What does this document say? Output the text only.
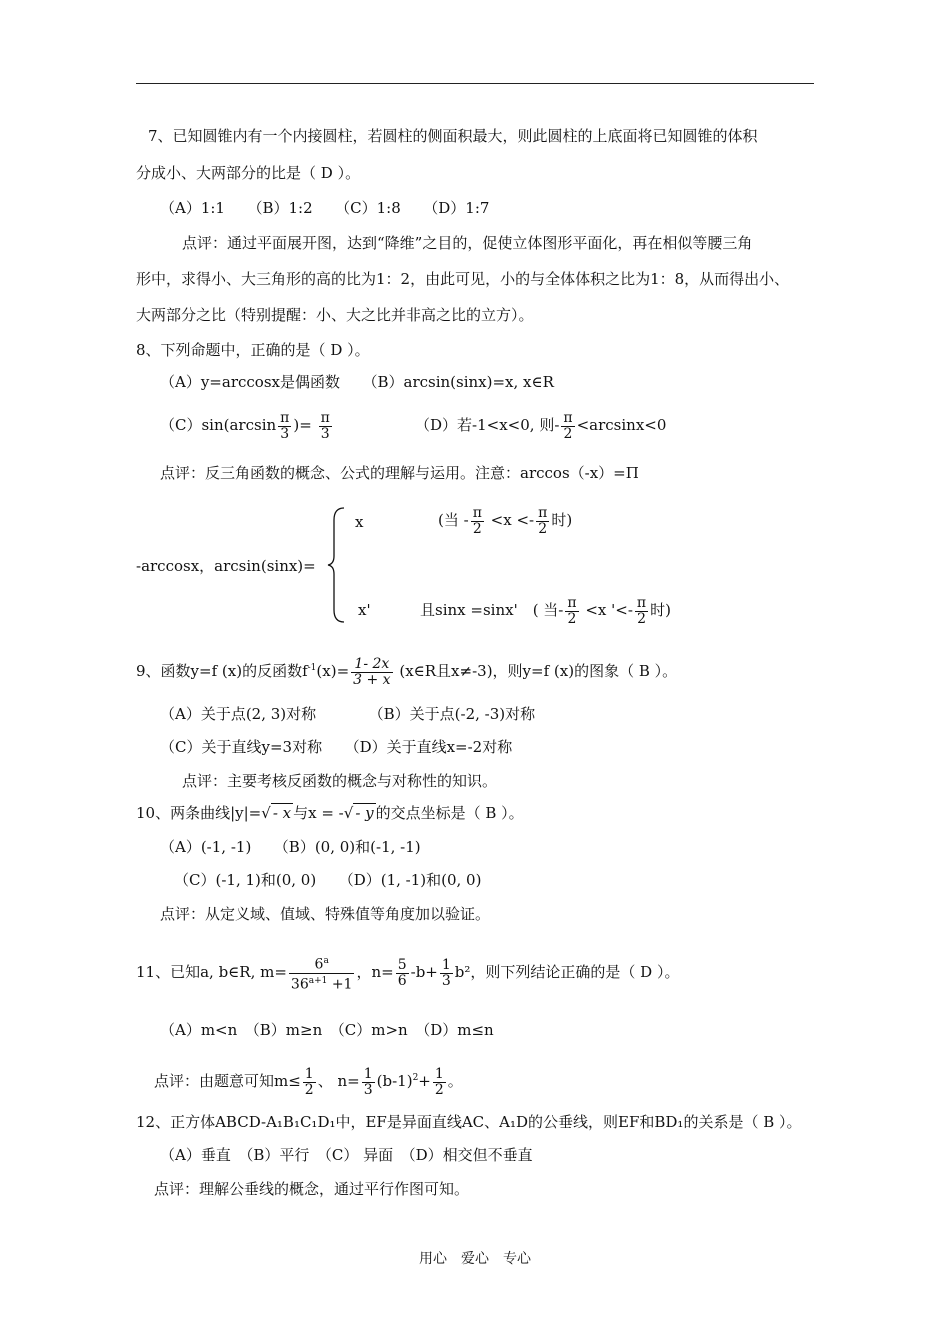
7、已知圆锥内有一个内接圆柱，若圆柱的侧面积最大，则此圆柱的上底面将已知圆锥的体积
分成小、大两部分的比是（ D ）。
（A）1:1　　（B）1:2　　（C）1:8　　（D）1:7
点评：通过平面展开图，达到“降维”之目的，促使立体图形平面化，再在相似等腰三角
形中，求得小、大三角形的高的比为1：2，由此可见，小的与全体体积之比为1：8，从而得出小、
大两部分之比（特别提醒：小、大之比并非高之比的立方）。
8、下列命题中，正确的是（ D ）。
（A）y=arccosx是偶函数　　（B）arcsin(sinx)=x, x∈R
$(C)\sin(\arcsin \frac{\pi}{3}$ )= $\frac{\pi}{3}$	（D）若-1<x<0, 则- $\frac{\pi}{2} <\arcsin x<0$
点评：反三角函数的概念、公式的理解与运用。注意：arccos（-x）=Π
-arccosx，arcsin(sinx)=
x	(当 - $\frac{\pi}{2} <x <- \frac{\pi}{2}$ 时)
x'	且sinx =sinx'　( 当- $\frac{\pi}{2} <x$ '<- $\frac{\pi}{2}$ 时)
9、函数y=f (x)的反函数$f^{-1}(x)= \frac{1- 2x}{3 + x}$ (x∈R且x≠-3)，则y=f (x)的图象（ B ）。
（A）关于点(2, 3)对称　　　　（B）关于点(-2, -3)对称
（C）关于直线y=3对称　　（D）关于直线x=-2对称
点评：主要考核反函数的概念与对称性的知识。
10、两条曲线|y|=√ - x 与x = -√ - y 的交点坐标是（ B ）。
（A）(-1, -1)　　（B）(0, 0)和(-1, -1)
（C）(-1, 1)和(0, 0)　　（D）(1, -1)和(0, 0)
点评：从定义域、值域、特殊值等角度加以验证。
11、已知a, b∈R, $m= \frac{6^a}{36^{a+1} +1}$ ，$n= \frac{5}{6} -b+ \frac{1}{3} b^2$，则下列结论正确的是（ D ）。
（A）m<n　（B）m≥n　（C）m>n　（D）m≤n
点评：由题意可知$m\le \frac{1}{2}$ 、 $n= \frac{1}{3} (b-1)^2+ \frac{1}{2}$ 。
12、正方体ABCD-A₁B₁C₁D₁中，EF是异面直线AC、A₁D的公垂线，则EF和BD₁的关系是（ B ）。
（A）垂直　（B）平行　（C） 异面　（D）相交但不垂直
点评：理解公垂线的概念，通过平行作图可知。
用心　爱心　专心
